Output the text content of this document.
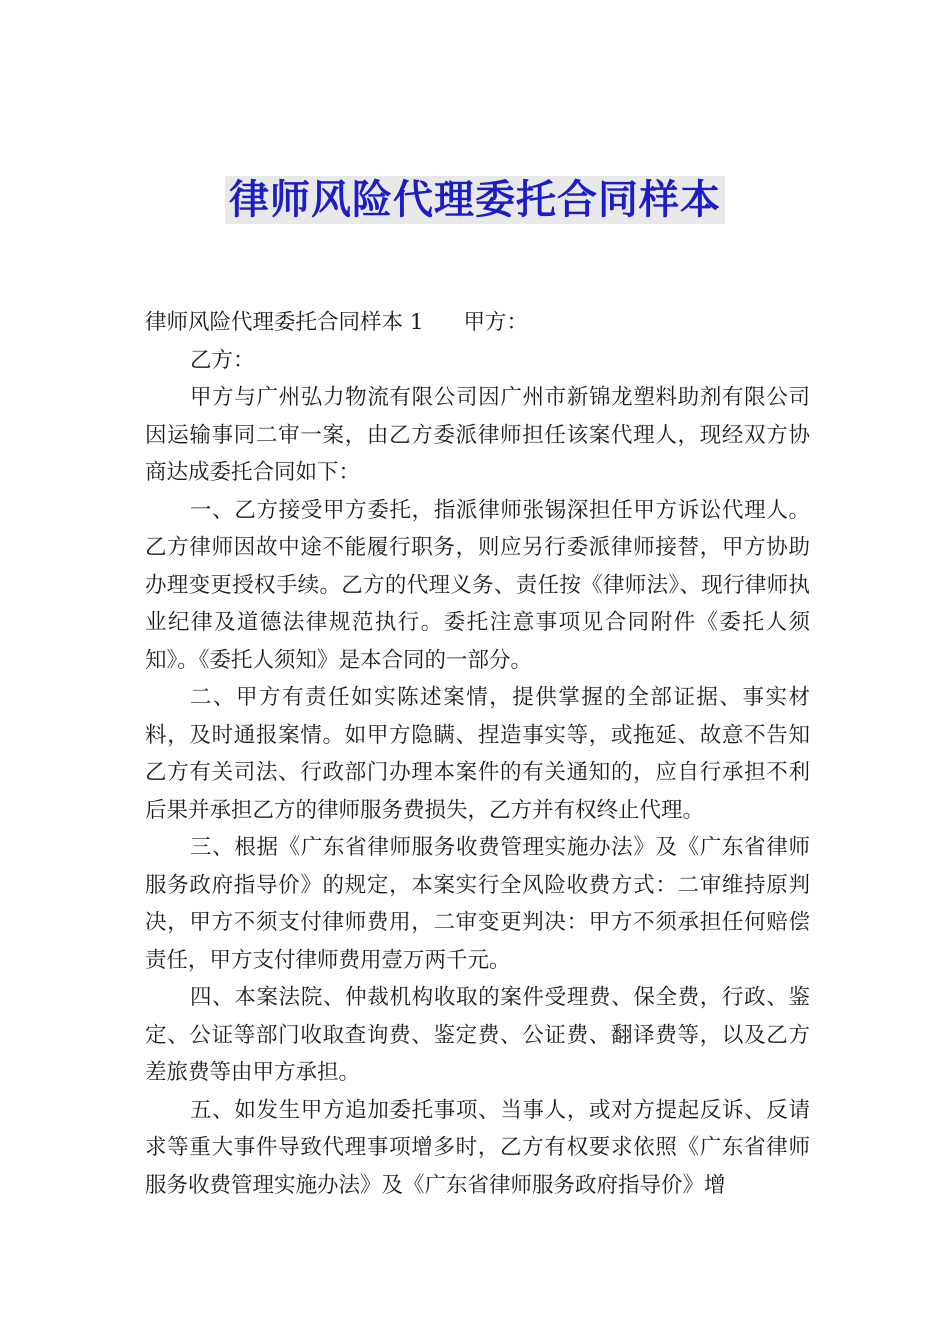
律师风险代理委托合同样本

律师风险代理委托合同样本 1 甲方：

乙方：

甲方与广州弘力物流有限公司因广州市新锦龙塑料助剂有限公司因运输事同二审一案，由乙方委派律师担任该案代理人，现经双方协商达成委托合同如下：

一、乙方接受甲方委托，指派律师张锡深担任甲方诉讼代理人。乙方律师因故中途不能履行职务，则应另行委派律师接替，甲方协助办理变更授权手续。乙方的代理义务、责任按《律师法》、现行律师执业纪律及道德法律规范执行。委托注意事项见合同附件《委托人须知》。《委托人须知》是本合同的一部分。

二、甲方有责任如实陈述案情，提供掌握的全部证据、事实材料，及时通报案情。如甲方隐瞒、捏造事实等，或拖延、故意不告知乙方有关司法、行政部门办理本案件的有关通知的，应自行承担不利后果并承担乙方的律师服务费损失，乙方并有权终止代理。

三、根据《广东省律师服务收费管理实施办法》及《广东省律师服务政府指导价》的规定，本案实行全风险收费方式：二审维持原判决，甲方不须支付律师费用，二审变更判决：甲方不须承担任何赔偿责任，甲方支付律师费用壹万两千元。

四、本案法院、仲裁机构收取的案件受理费、保全费，行政、鉴定、公证等部门收取查询费、鉴定费、公证费、翻译费等，以及乙方差旅费等由甲方承担。

五、如发生甲方追加委托事项、当事人，或对方提起反诉、反请求等重大事件导致代理事项增多时，乙方有权要求依照《广东省律师服务收费管理实施办法》及《广东省律师服务政府指导价》增
